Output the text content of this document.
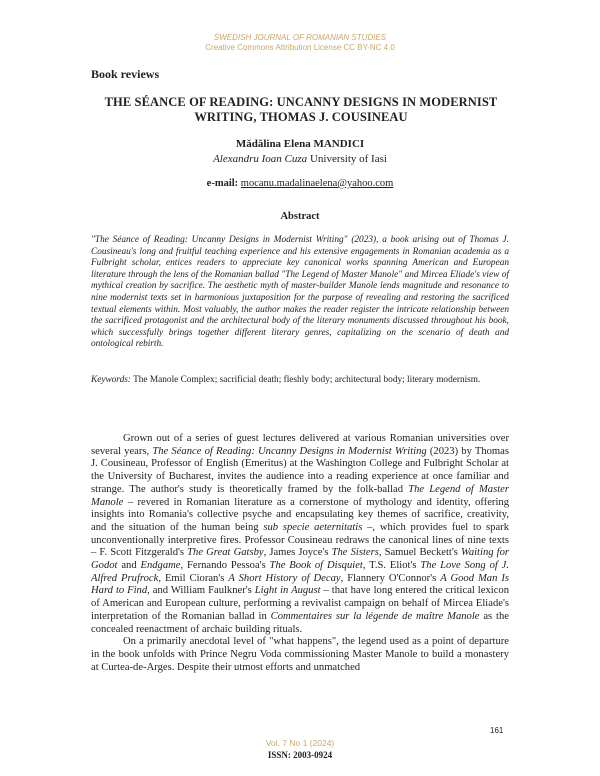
SWEDISH JOURNAL OF ROMANIAN STUDIES
Creative Commons Attribution License CC BY-NC 4.0
Book reviews
THE SÉANCE OF READING: UNCANNY DESIGNS IN MODERNIST WRITING, THOMAS J. COUSINEAU
Mădălina Elena MANDICI
Alexandru Ioan Cuza University of Iasi
e-mail: mocanu.madalinaelena@yahoo.com
Abstract
"The Séance of Reading: Uncanny Designs in Modernist Writing" (2023), a book arising out of Thomas J. Cousineau's long and fruitful teaching experience and his extensive engagements in Romanian academia as a Fulbright scholar, entices readers to appreciate key canonical works spanning American and European literature through the lens of the Romanian ballad "The Legend of Master Manole" and Mircea Eliade's view of mythical creation by sacrifice. The aesthetic myth of master-builder Manole lends magnitude and resonance to nine modernist texts set in harmonious juxtaposition for the purpose of revealing and restoring the sacrificed textual elements within. Most valuably, the author makes the reader register the intricate relationship between the sacrificed protagonist and the architectural body of the literary monuments discussed throughout his book, which successfully brings together different literary genres, capitalizing on the scenario of death and ontological rebirth.
Keywords: The Manole Complex; sacrificial death; fleshly body; architectural body; literary modernism.

Grown out of a series of guest lectures delivered at various Romanian universities over several years, The Séance of Reading: Uncanny Designs in Modernist Writing (2023) by Thomas J. Cousineau, Professor of English (Emeritus) at the Washington College and Fulbright Scholar at the University of Bucharest, invites the audience into a reading experience at once familiar and strange. The author's study is theoretically framed by the folk-ballad The Legend of Master Manole – revered in Romanian literature as a cornerstone of mythology and identity, offering insights into Romania's collective psyche and encapsulating key themes of sacrifice, creativity, and the situation of the human being sub specie aeternitatis –, which provides fuel to spark unconventionally interpretive fires. Professor Cousineau redraws the canonical lines of nine texts – F. Scott Fitzgerald's The Great Gatsby, James Joyce's The Sisters, Samuel Beckett's Waiting for Godot and Endgame, Fernando Pessoa's The Book of Disquiet, T.S. Eliot's The Love Song of J. Alfred Prufrock, Emil Cioran's A Short History of Decay, Flannery O'Connor's A Good Man Is Hard to Find, and William Faulkner's Light in August – that have long entered the critical lexicon of American and European culture, performing a revivalist campaign on behalf of Mircea Eliade's interpretation of the Romanian ballad in Commentaires sur la légende de maître Manole as the concealed reenactment of archaic building rituals.

On a primarily anecdotal level of "what happens", the legend used as a point of departure in the book unfolds with Prince Negru Voda commissioning Master Manole to build a monastery at Curtea-de-Arges. Despite their utmost efforts and unmatched

161
Vol. 7 No 1 (2024)
ISSN: 2003-0924
